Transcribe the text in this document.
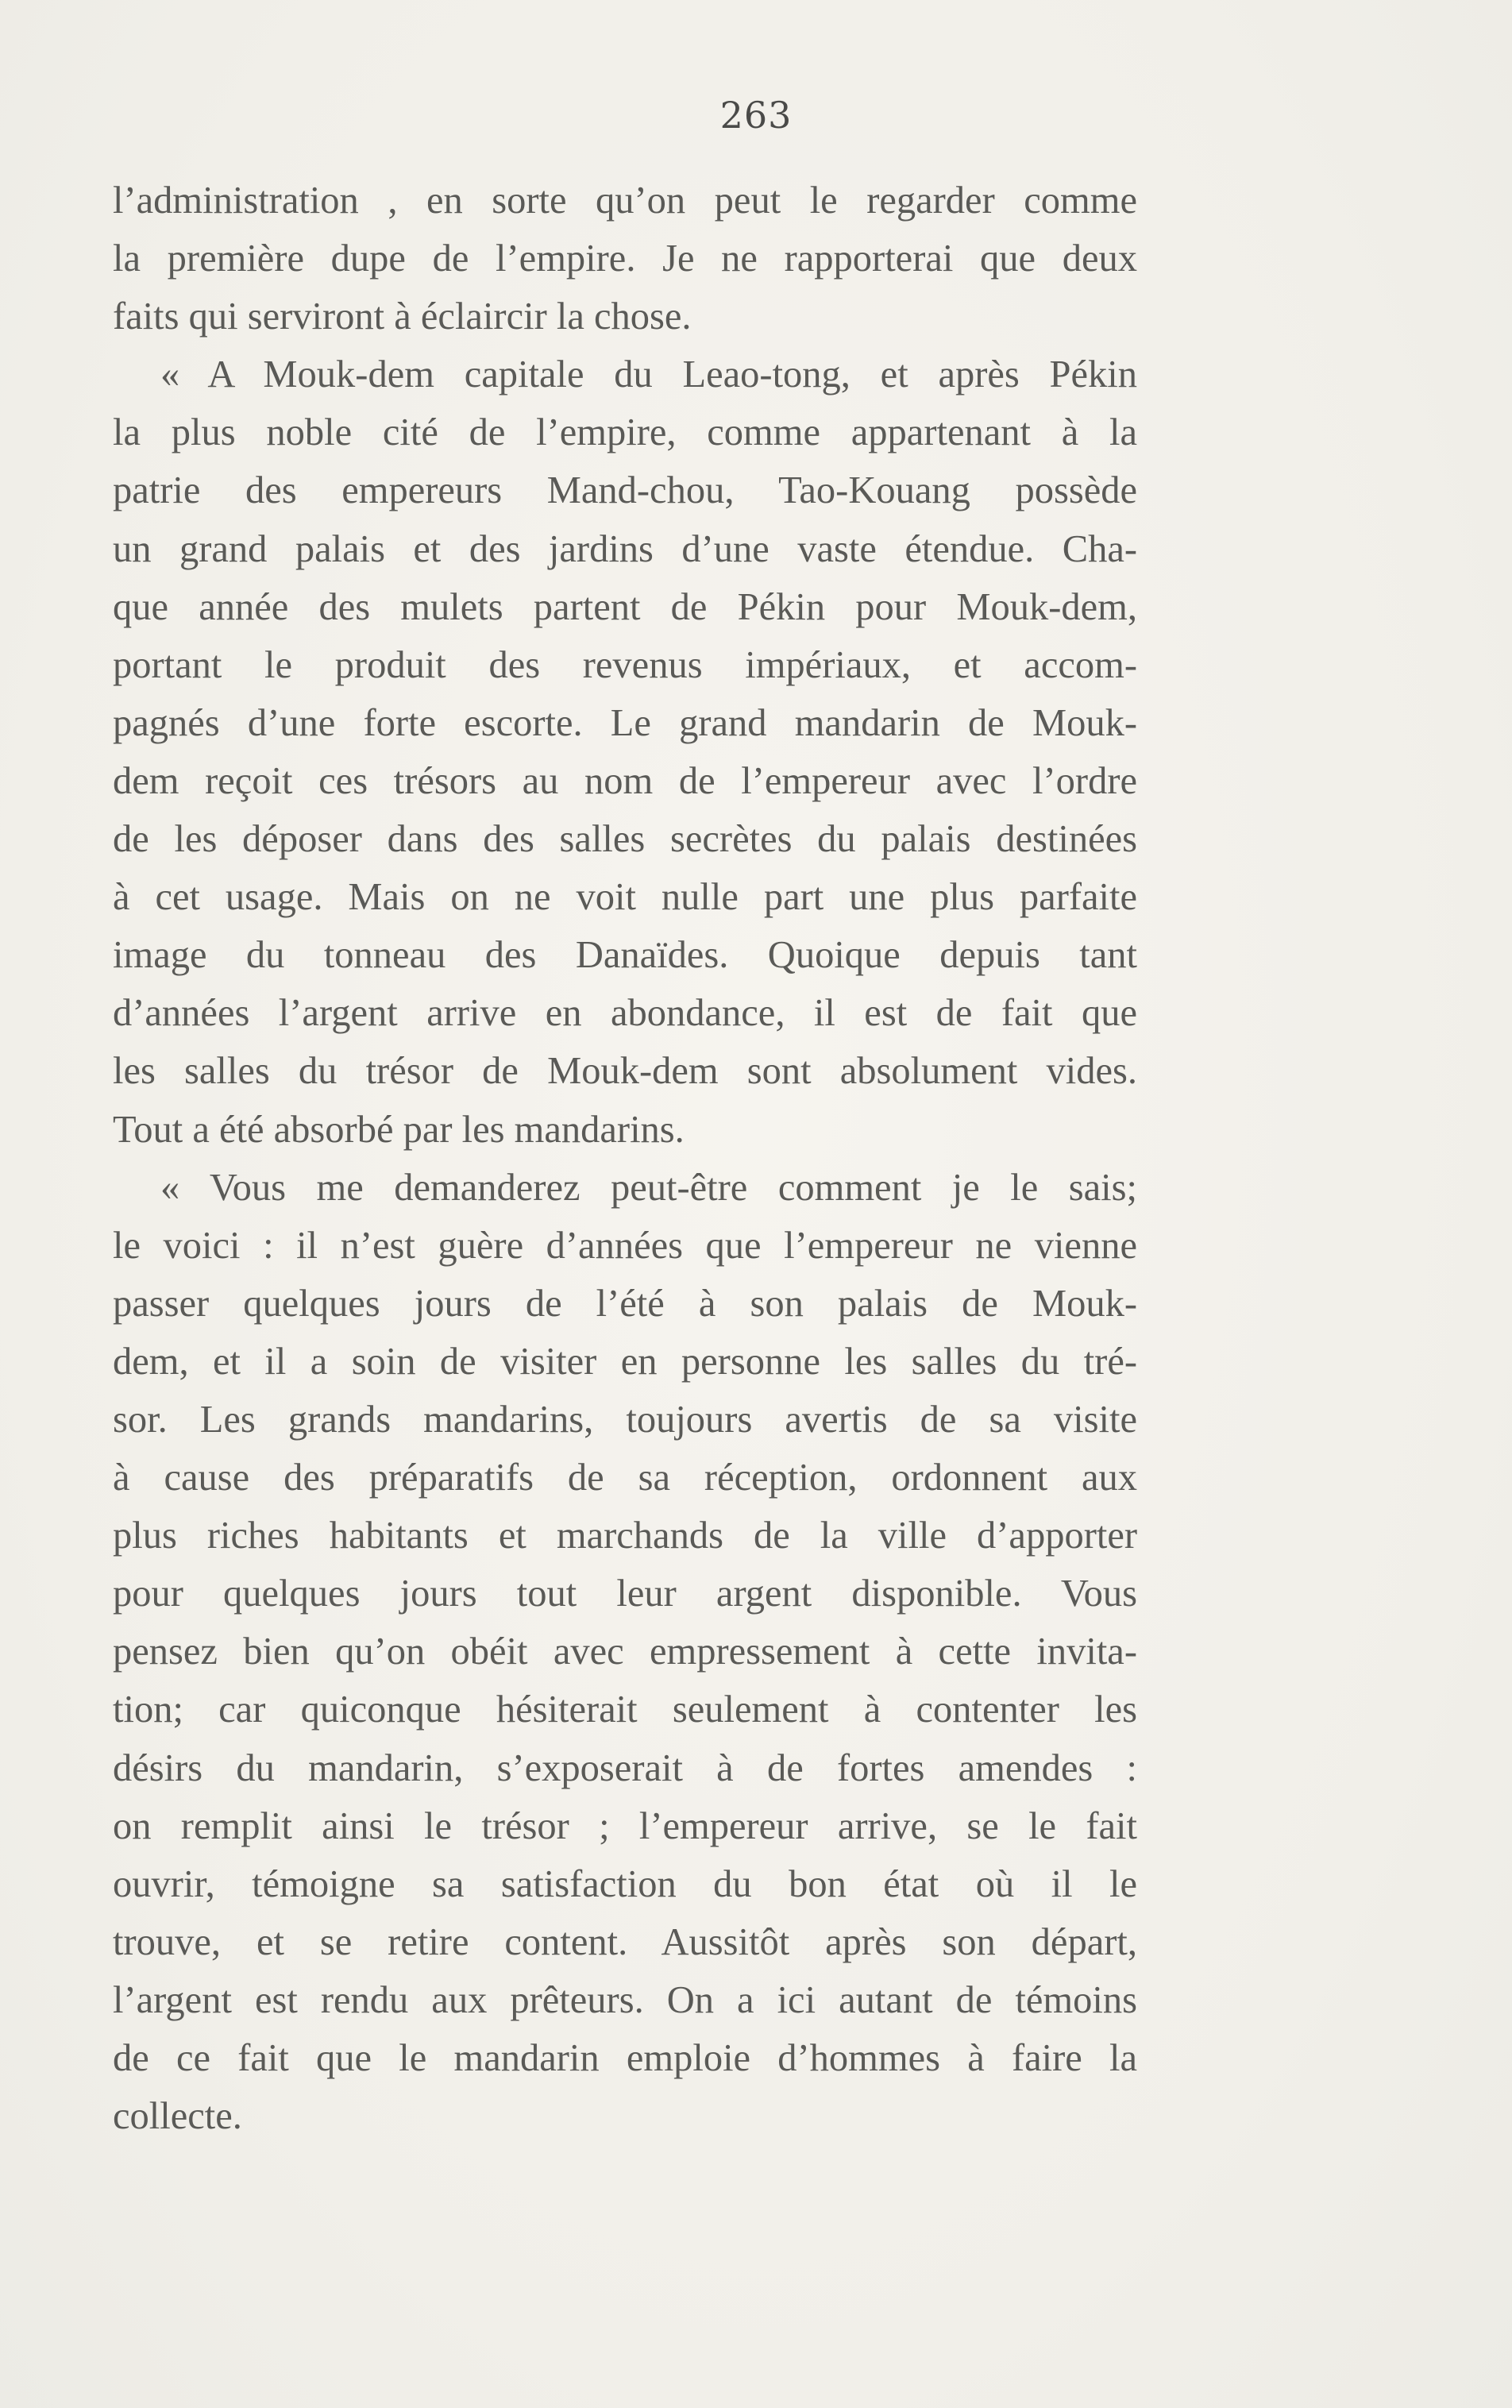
263
l’administration , en sorte qu’on peut le regarder comme
la première dupe de l’empire. Je ne rapporterai que deux
faits qui serviront à éclaircir la chose.
« A Mouk-dem capitale du Leao-tong, et après Pékin
la plus noble cité de l’empire, comme appartenant à la
patrie des empereurs Mand-chou, Tao-Kouang possède
un grand palais et des jardins d’une vaste étendue. Cha-
que année des mulets partent de Pékin pour Mouk-dem,
portant le produit des revenus impériaux, et accom-
pagnés d’une forte escorte. Le grand mandarin de Mouk-
dem reçoit ces trésors au nom de l’empereur avec l’ordre
de les déposer dans des salles secrètes du palais destinées
à cet usage. Mais on ne voit nulle part une plus parfaite
image du tonneau des Danaïdes. Quoique depuis tant
d’années l’argent arrive en abondance, il est de fait que
les salles du trésor de Mouk-dem sont absolument vides.
Tout a été absorbé par les mandarins.
« Vous me demanderez peut-être comment je le sais;
le voici : il n’est guère d’années que l’empereur ne vienne
passer quelques jours de l’été à son palais de Mouk-
dem, et il a soin de visiter en personne les salles du tré-
sor. Les grands mandarins, toujours avertis de sa visite
à cause des préparatifs de sa réception, ordonnent aux
plus riches habitants et marchands de la ville d’apporter
pour quelques jours tout leur argent disponible. Vous
pensez bien qu’on obéit avec empressement à cette invita-
tion; car quiconque hésiterait seulement à contenter les
désirs du mandarin, s’exposerait à de fortes amendes :
on remplit ainsi le trésor ; l’empereur arrive, se le fait
ouvrir, témoigne sa satisfaction du bon état où il le
trouve, et se retire content. Aussitôt après son départ,
l’argent est rendu aux prêteurs. On a ici autant de témoins
de ce fait que le mandarin emploie d’hommes à faire la
collecte.
